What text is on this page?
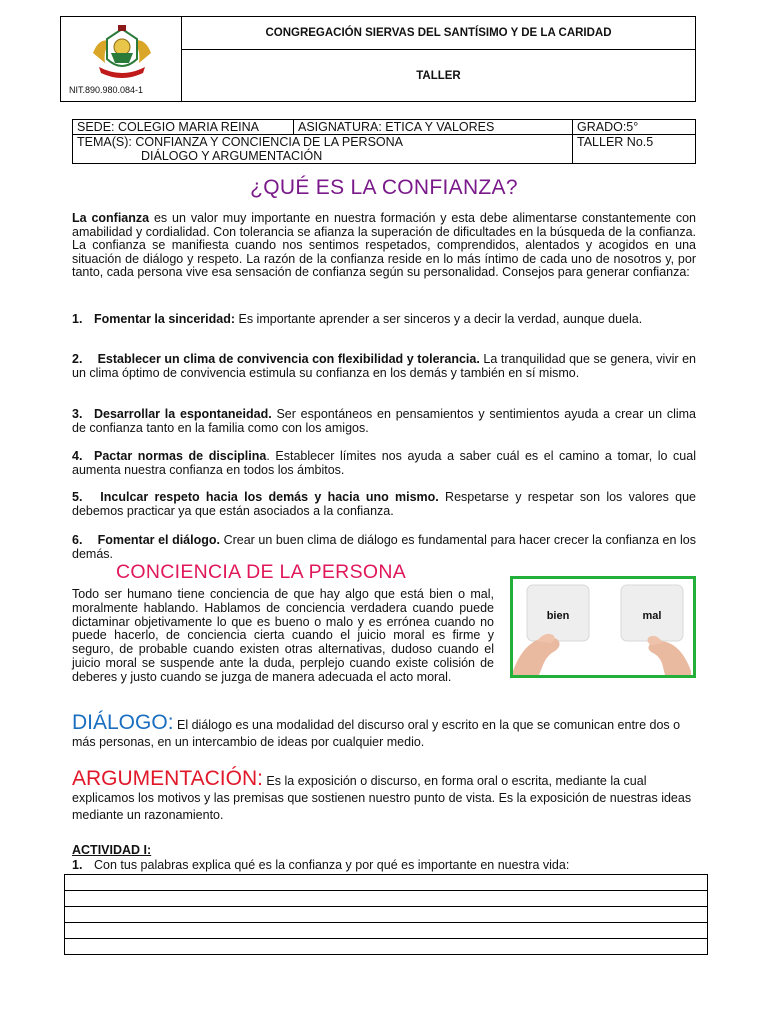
NIT.890.980.084-1
CONGREGACIÓN SIERVAS DEL SANTÍSIMO Y DE LA CARIDAD
TALLER
SEDE: COLEGIO MARIA REINA	ASIGNATURA: ETICA Y VALORES	GRADO:5°

TEMA(S): CONFIANZA Y CONCIENCIA DE LA PERSONA
DIÁLOGO Y ARGUMENTACIÓN		TALLER No.5
¿QUÉ ES LA CONFIANZA?

La confianza es un valor muy importante en nuestra formación y esta debe alimentarse constantemente con amabilidad y cordialidad. Con tolerancia se afianza la superación de dificultades en la búsqueda de la confianza. La confianza se manifiesta cuando nos sentimos respetados, comprendidos, alentados y acogidos en una situación de diálogo y respeto. La razón de la confianza reside en lo más íntimo de cada uno de nosotros y, por tanto, cada persona vive esa sensación de confianza según su personalidad. Consejos para generar confianza:

1. Fomentar la sinceridad: Es importante aprender a ser sinceros y a decir la verdad, aunque duela.

2. Establecer un clima de convivencia con flexibilidad y tolerancia. La tranquilidad que se genera, vivir en un clima óptimo de convivencia estimula su confianza en los demás y también en sí mismo.

3. Desarrollar la espontaneidad. Ser espontáneos en pensamientos y sentimientos ayuda a crear un clima de confianza tanto en la familia como con los amigos.

4. Pactar normas de disciplina. Establecer límites nos ayuda a saber cuál es el camino a tomar, lo cual aumenta nuestra confianza en todos los ámbitos.

5. Inculcar respeto hacia los demás y hacia uno mismo. Respetarse y respetar son los valores que debemos practicar ya que están asociados a la confianza.

6. Fomentar el diálogo. Crear un buen clima de diálogo es fundamental para hacer crecer la confianza en los demás.

CONCIENCIA DE LA PERSONA

Todo ser humano tiene conciencia de que hay algo que está bien o mal, moralmente hablando. Hablamos de conciencia verdadera cuando puede dictaminar objetivamente lo que es bueno o malo y es errónea cuando no puede hacerlo, de conciencia cierta cuando el juicio moral es firme y seguro, de probable cuando existen otras alternativas, dudoso cuando el juicio moral se suspende ante la duda, perplejo cuando existe colisión de deberes y justo cuando se juzga de manera adecuada el acto moral.

bien	mal

DIÁLOGO: El diálogo es una modalidad del discurso oral y escrito en la que se comunican entre dos o más personas, en un intercambio de ideas por cualquier medio.

ARGUMENTACIÓN: Es la exposición o discurso, en forma oral o escrita, mediante la cual explicamos los motivos y las premisas que sostienen nuestro punto de vista. Es la exposición de nuestras ideas mediante un razonamiento.

ACTIVIDAD I:
1. Con tus palabras explica qué es la confianza y por qué es importante en nuestra vida:
